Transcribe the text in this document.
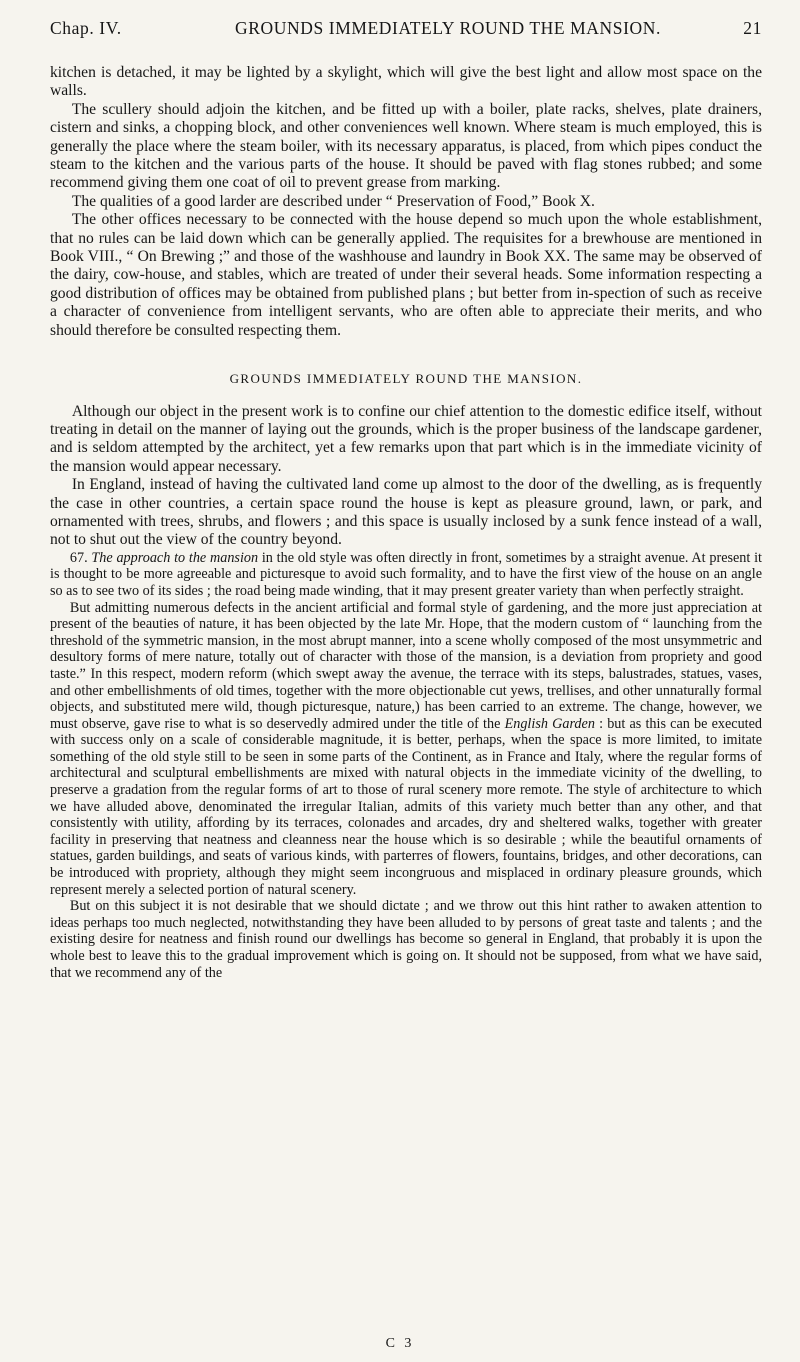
Chap. IV.	GROUNDS IMMEDIATELY ROUND THE MANSION.	21

kitchen is detached, it may be lighted by a skylight, which will give the best light and allow most space on the walls.

The scullery should adjoin the kitchen, and be fitted up with a boiler, plate racks, shelves, plate drainers, cistern and sinks, a chopping block, and other conveniences well known. Where steam is much employed, this is generally the place where the steam boiler, with its necessary apparatus, is placed, from which pipes conduct the steam to the kitchen and the various parts of the house. It should be paved with flag stones rubbed; and some recommend giving them one coat of oil to prevent grease from marking.

The qualities of a good larder are described under “ Preservation of Food,” Book X.

The other offices necessary to be connected with the house depend so much upon the whole establishment, that no rules can be laid down which can be generally applied. The requisites for a brewhouse are mentioned in Book VIII., “ On Brewing ;” and those of the washhouse and laundry in Book XX. The same may be observed of the dairy, cow-house, and stables, which are treated of under their several heads. Some information respecting a good distribution of offices may be obtained from published plans ; but better from in-spection of such as receive a character of convenience from intelligent servants, who are often able to appreciate their merits, and who should therefore be consulted respecting them.

GROUNDS IMMEDIATELY ROUND THE MANSION.

Although our object in the present work is to confine our chief attention to the domestic edifice itself, without treating in detail on the manner of laying out the grounds, which is the proper business of the landscape gardener, and is seldom attempted by the architect, yet a few remarks upon that part which is in the immediate vicinity of the mansion would appear necessary.

In England, instead of having the cultivated land come up almost to the door of the dwelling, as is frequently the case in other countries, a certain space round the house is kept as pleasure ground, lawn, or park, and ornamented with trees, shrubs, and flowers ; and this space is usually inclosed by a sunk fence instead of a wall, not to shut out the view of the country beyond.

67. The approach to the mansion in the old style was often directly in front, sometimes by a straight avenue. At present it is thought to be more agreeable and picturesque to avoid such formality, and to have the first view of the house on an angle so as to see two of its sides ; the road being made winding, that it may present greater variety than when perfectly straight.

But admitting numerous defects in the ancient artificial and formal style of gardening, and the more just appreciation at present of the beauties of nature, it has been objected by the late Mr. Hope, that the modern custom of “ launching from the threshold of the symmetric mansion, in the most abrupt manner, into a scene wholly composed of the most unsymmetric and desultory forms of mere nature, totally out of character with those of the mansion, is a deviation from propriety and good taste.” In this respect, modern reform (which swept away the avenue, the terrace with its steps, balustrades, statues, vases, and other embellishments of old times, together with the more objectionable cut yews, trellises, and other unnaturally formal objects, and substituted mere wild, though picturesque, nature,) has been carried to an extreme. The change, however, we must observe, gave rise to what is so deservedly admired under the title of the English Garden : but as this can be executed with success only on a scale of considerable magnitude, it is better, perhaps, when the space is more limited, to imitate something of the old style still to be seen in some parts of the Continent, as in France and Italy, where the regular forms of architectural and sculptural embellishments are mixed with natural objects in the immediate vicinity of the dwelling, to preserve a gradation from the regular forms of art to those of rural scenery more remote. The style of architecture to which we have alluded above, denominated the irregular Italian, admits of this variety much better than any other, and that consistently with utility, affording by its terraces, colonades and arcades, dry and sheltered walks, together with greater facility in preserving that neatness and cleanness near the house which is so desirable ; while the beautiful ornaments of statues, garden buildings, and seats of various kinds, with parterres of flowers, fountains, bridges, and other decorations, can be introduced with propriety, although they might seem incongruous and misplaced in ordinary pleasure grounds, which represent merely a selected portion of natural scenery.

But on this subject it is not desirable that we should dictate ; and we throw out this hint rather to awaken attention to ideas perhaps too much neglected, notwithstanding they have been alluded to by persons of great taste and talents ; and the existing desire for neatness and finish round our dwellings has become so general in England, that probably it is upon the whole best to leave this to the gradual improvement which is going on. It should not be supposed, from what we have said, that we recommend any of the

C 3
